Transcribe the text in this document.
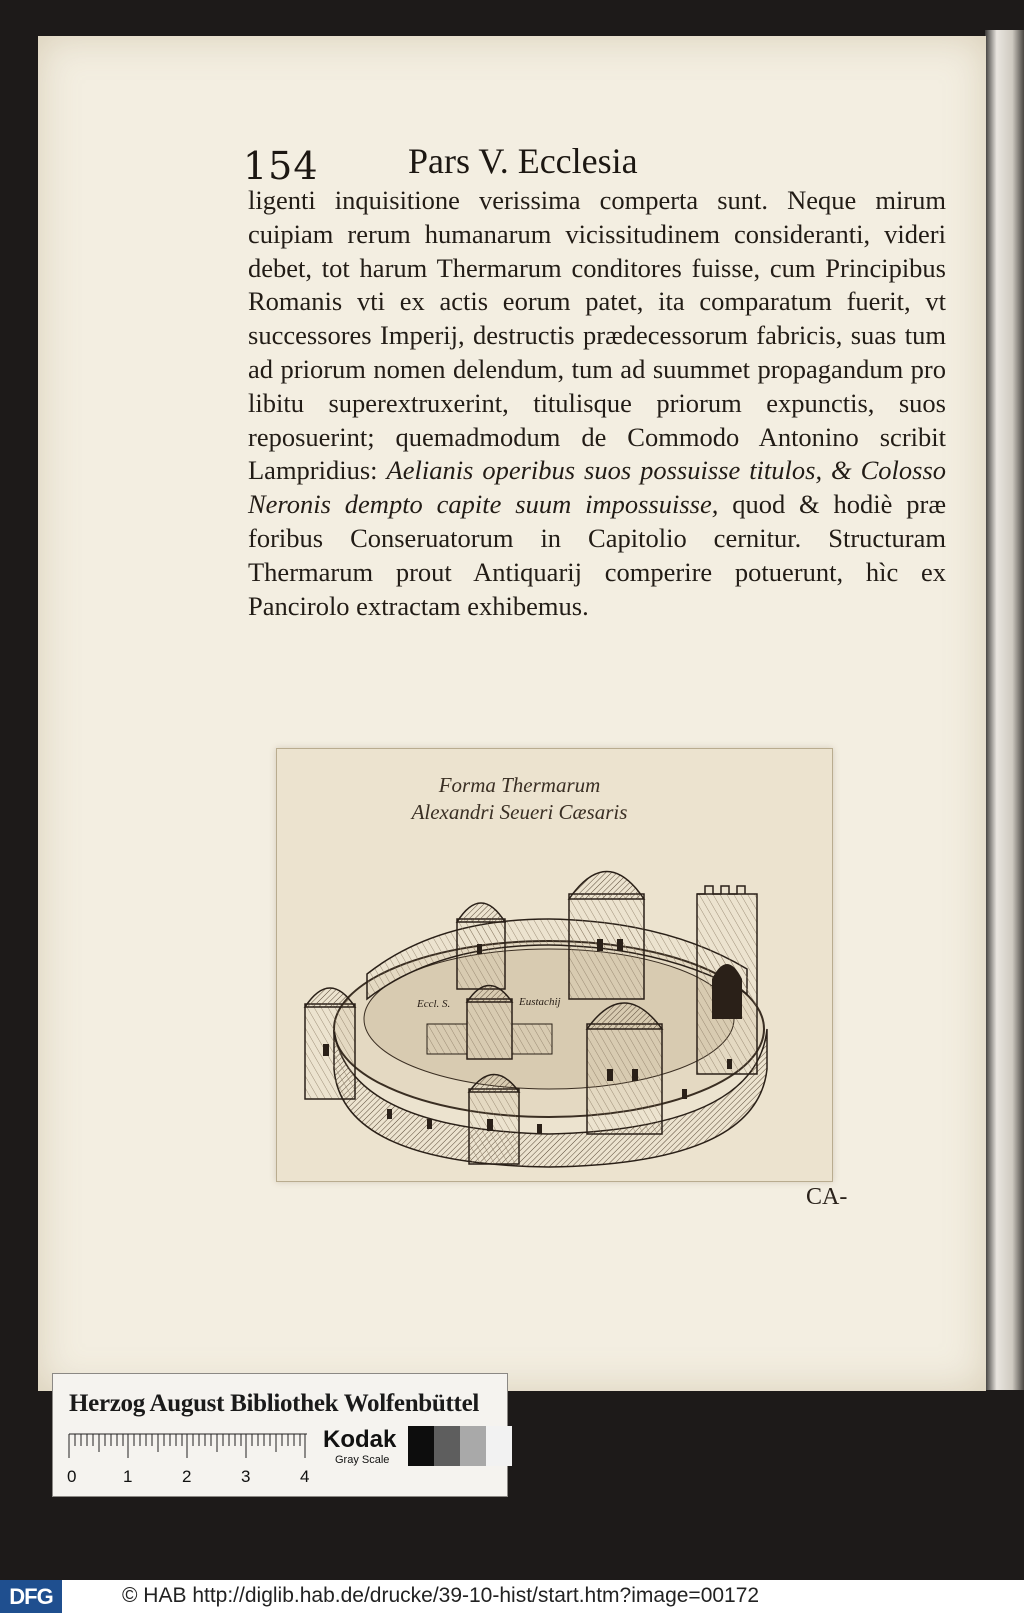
154 Pars V. Ecclesia
ligenti inquisitione verissima comperta sunt. Neque mirum cuipiam rerum humanarum vicissitudinem consideranti, videri debet, tot harum Thermarum conditores fuisse, cum Principibus Romanis vti ex actis eorum patet, ita comparatum fuerit, vt successores Imperij, destructis prædecessorum fabricis, suas tum ad priorum nomen delendum, tum ad suummet propagandum pro libitu superextruxerint, titulisque priorum expunctis, suos reposuerint; quemadmodum de Commodo Antonino scribit Lampridius: Aelianis operibus suos possuisse titulos, & Colosso Neronis dempto capite suum impossuisse, quod & hodiè præ foribus Conseruatorum in Capitolio cernitur. Structuram Thermarum prout Antiquarij comperire potuerunt, hìc ex Pancirolo extractam exhibemus.
Forma Thermarum
Alexandri Seueri Cæsaris
Eccl. S.	Eustachij
CA-
Herzog August Bibliothek Wolfenbüttel
0	1	2	3	4
Kodak
Gray Scale
DFG	© HAB http://diglib.hab.de/drucke/39-10-hist/start.htm?image=00172
